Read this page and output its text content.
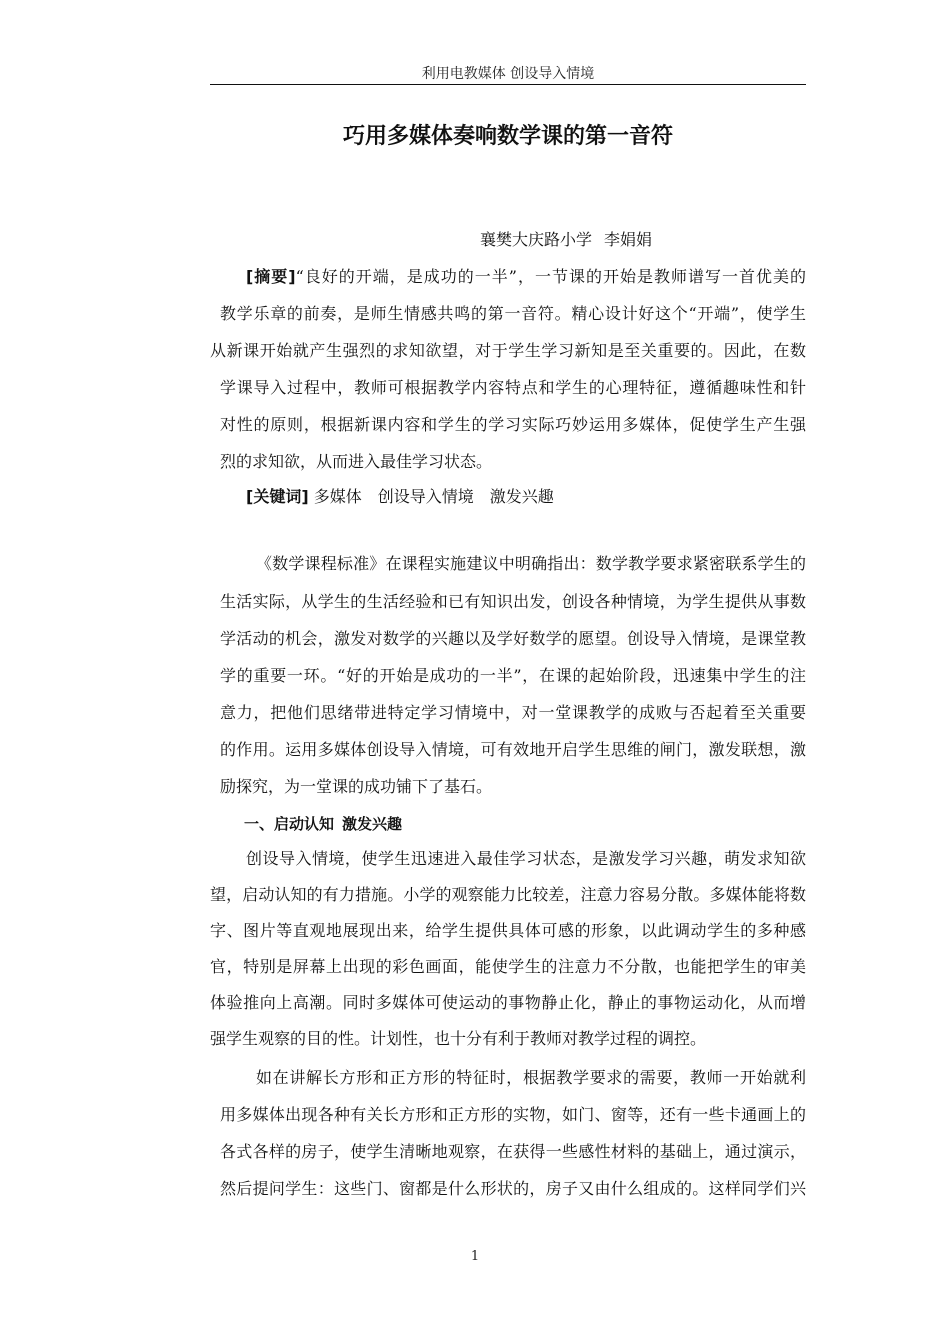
利用电教媒体 创设导入情境
巧用多媒体奏响数学课的第一音符
襄樊大庆路小学 李娟娟
[摘要]“良好的开端，是成功的一半”，一节课的开始是教师谱写一首优美的
教学乐章的前奏，是师生情感共鸣的第一音符。精心设计好这个“开端”，使学生
从新课开始就产生强烈的求知欲望，对于学生学习新知是至关重要的。因此，在数
学课导入过程中，教师可根据教学内容特点和学生的心理特征，遵循趣味性和针
对性的原则，根据新课内容和学生的学习实际巧妙运用多媒体，促使学生产生强
烈的求知欲，从而进入最佳学习状态。
[关键词] 多媒体 创设导入情境 激发兴趣
《数学课程标准》在课程实施建议中明确指出：数学教学要求紧密联系学生的
生活实际，从学生的生活经验和已有知识出发，创设各种情境，为学生提供从事数
学活动的机会，激发对数学的兴趣以及学好数学的愿望。创设导入情境，是课堂教
学的重要一环。“好的开始是成功的一半”，在课的起始阶段，迅速集中学生的注
意力，把他们思绪带进特定学习情境中，对一堂课教学的成败与否起着至关重要
的作用。运用多媒体创设导入情境，可有效地开启学生思维的闸门，激发联想，激
励探究，为一堂课的成功铺下了基石。
一、启动认知 激发兴趣
创设导入情境，使学生迅速进入最佳学习状态，是激发学习兴趣，萌发求知欲
望，启动认知的有力措施。小学的观察能力比较差，注意力容易分散。多媒体能将数
字、图片等直观地展现出来，给学生提供具体可感的形象，以此调动学生的多种感
官，特别是屏幕上出现的彩色画面，能使学生的注意力不分散，也能把学生的审美
体验推向上高潮。同时多媒体可使运动的事物静止化，静止的事物运动化，从而增
强学生观察的目的性。计划性，也十分有利于教师对教学过程的调控。
如在讲解长方形和正方形的特征时，根据教学要求的需要，教师一开始就利
用多媒体出现各种有关长方形和正方形的实物，如门、窗等，还有一些卡通画上的
各式各样的房子，使学生清晰地观察，在获得一些感性材料的基础上，通过演示，
然后提问学生：这些门、窗都是什么形状的，房子又由什么组成的。这样同学们兴
1
